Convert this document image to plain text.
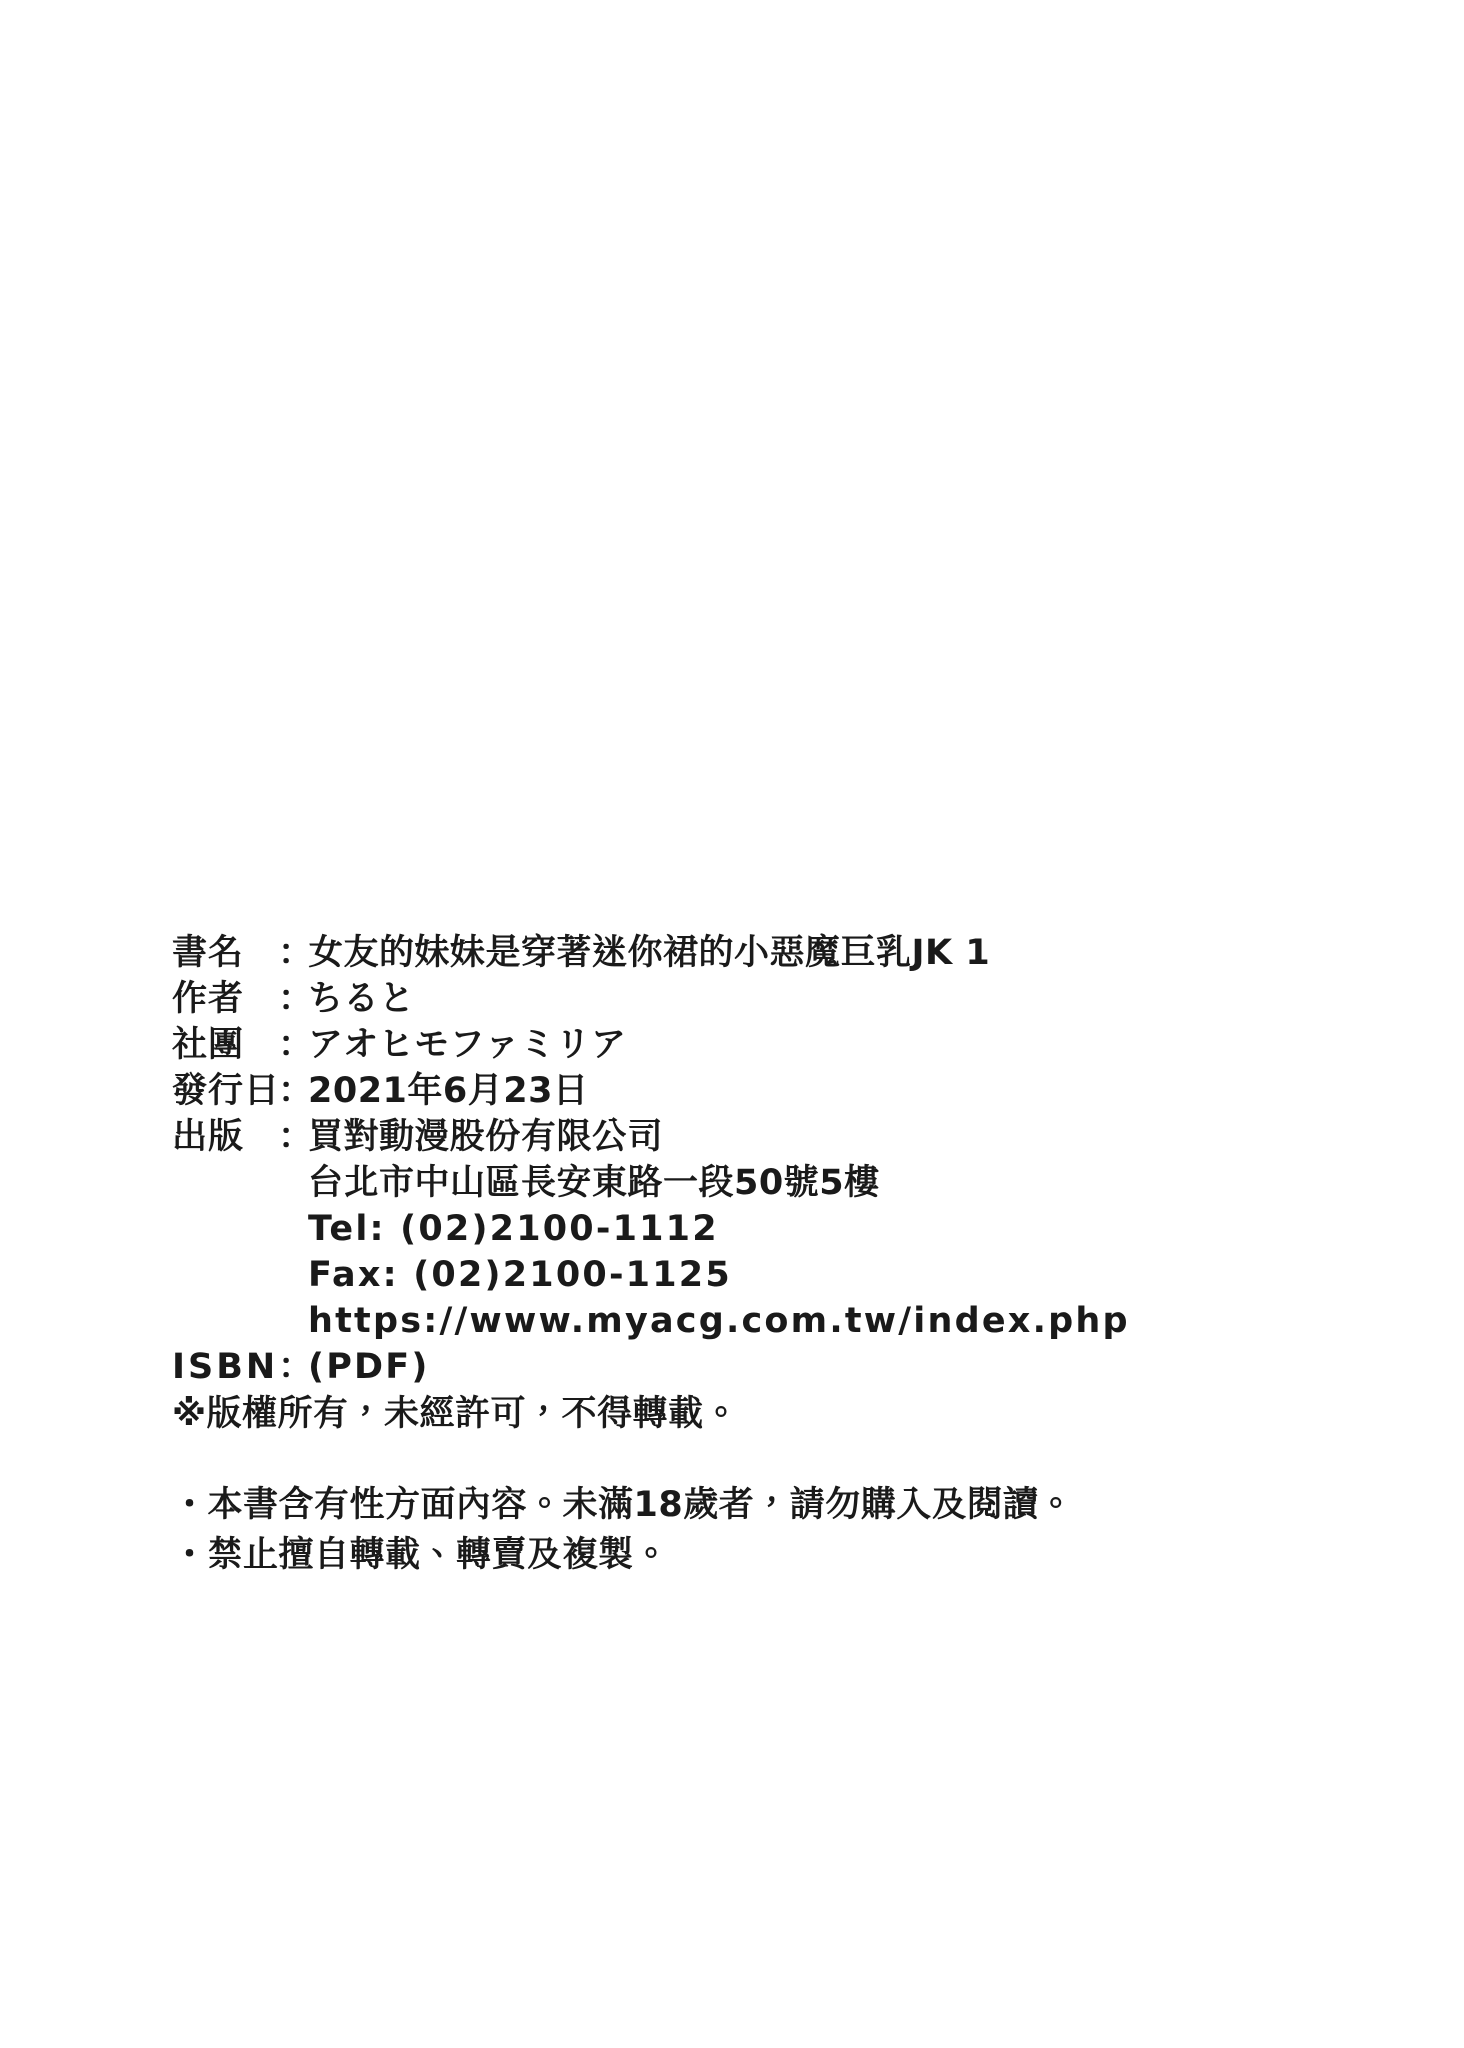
書名 ：
女友的妹妹是穿著迷你裙的小惡魔巨乳JK 1
作者 ：
ちると
社團 ：
アオヒモファミリア
發行日
：
2021年6月23日
出版 ：
買對動漫股份有限公司
台北市中山區長安東路一段50號5樓
Tel: (02)2100-1112
Fax: (02)2100-1125
https://www.myacg.com.tw/index.php
ISBN ：
(PDF)
※版權所有，未經許可，不得轉載。
・本書含有性方面內容。未滿18歲者，請勿購入及閱讀。
・禁止擅自轉載、轉賣及複製。
